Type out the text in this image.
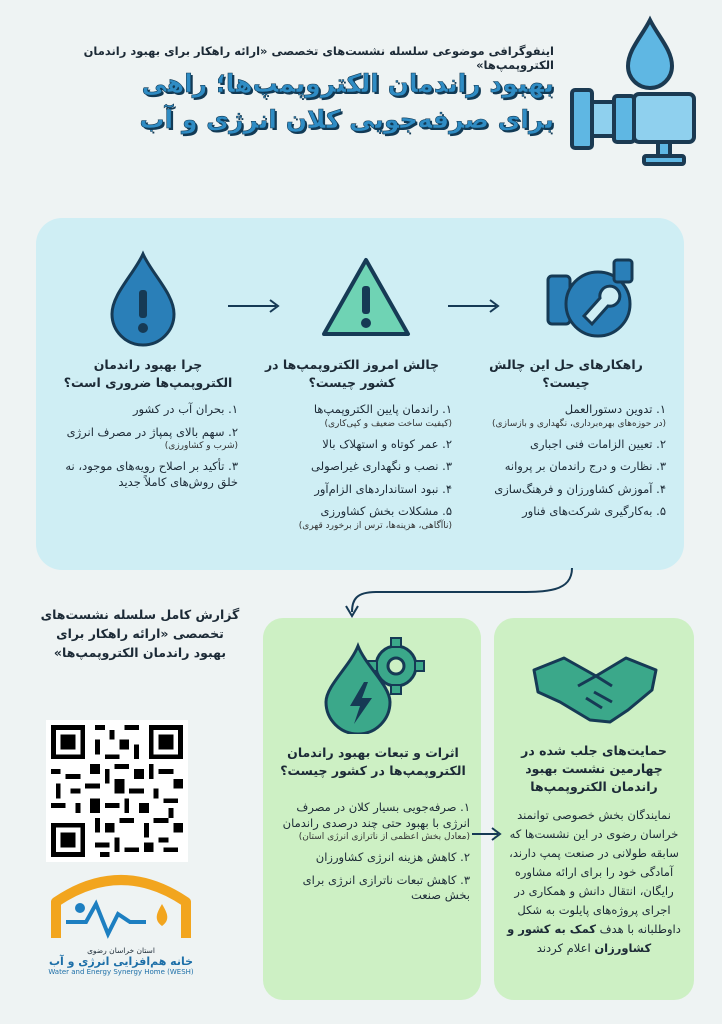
اینفوگرافی موضوعی سلسله نشست‌های تخصصی «ارائه راهکار برای بهبود راندمان الکتروپمپ‌ها»
بهبود راندمان الکتروپمپ‌ها؛ راهی
برای صرفه‌جویی کلان انرژی و آب
چرا بهبود راندمان الکتروپمپ‌ها ضروری است؟
۱. بحران آب در کشور
۲. سهم بالای پمپاژ در مصرف انرژی
(شرب و کشاورزی)
۳. تأکید بر اصلاح رویه‌های موجود، نه خلق روش‌های کاملاً جدید
چالش امروز الکتروپمپ‌ها در کشور چیست؟
۱. راندمان پایین الکتروپمپ‌ها
(کیفیت ساخت ضعیف و کپی‌کاری)
۲. عمر کوتاه و استهلاک بالا
۳. نصب و نگهداری غیراصولی
۴. نبود استانداردهای الزام‌آور
۵. مشکلات بخش کشاورزی
(ناآگاهی، هزینه‌ها، ترس از برخورد قهری)
راهکارهای حل این چالش چیست؟
۱. تدوین دستورالعمل
(در حوزه‌های بهره‌برداری، نگهداری و بازسازی)
۲. تعیین الزامات فنی اجباری
۳. نظارت و درج راندمان بر پروانه
۴. آموزش کشاورزان و فرهنگ‌سازی
۵. به‌کارگیری شرکت‌های فناور
اثرات و تبعات بهبود راندمان الکتروپمپ‌ها در کشور چیست؟
۱. صرفه‌جویی بسیار کلان در مصرف انرژی با بهبود حتی چند درصدی راندمان
(معادل بخش اعظمی از ناترازی انرژی استان)
۲. کاهش هزینه انرژی کشاورزان
۳. کاهش تبعات ناترازی انرژی برای بخش صنعت
حمایت‌های جلب شده در چهارمین نشست بهبود راندمان الکتروپمپ‌ها
نمایندگان بخش خصوصی توانمند خراسان رضوی در این نشست‌ها که سابقه طولانی در صنعت پمپ دارند، آمادگی خود را برای ارائه مشاوره رایگان، انتقال دانش و همکاری در اجرای پروژه‌های پایلوت به شکل داوطلبانه با هدف کمک به کشور و کشاورزان اعلام کردند
گزارش کامل سلسله نشست‌های تخصصی «ارائه راهکار برای بهبود راندمان الکتروپمپ‌ها»
استان خراسان رضوی
خانه هم‌افزایی انرژی و آب
Water and Energy Synergy Home (WESH)
